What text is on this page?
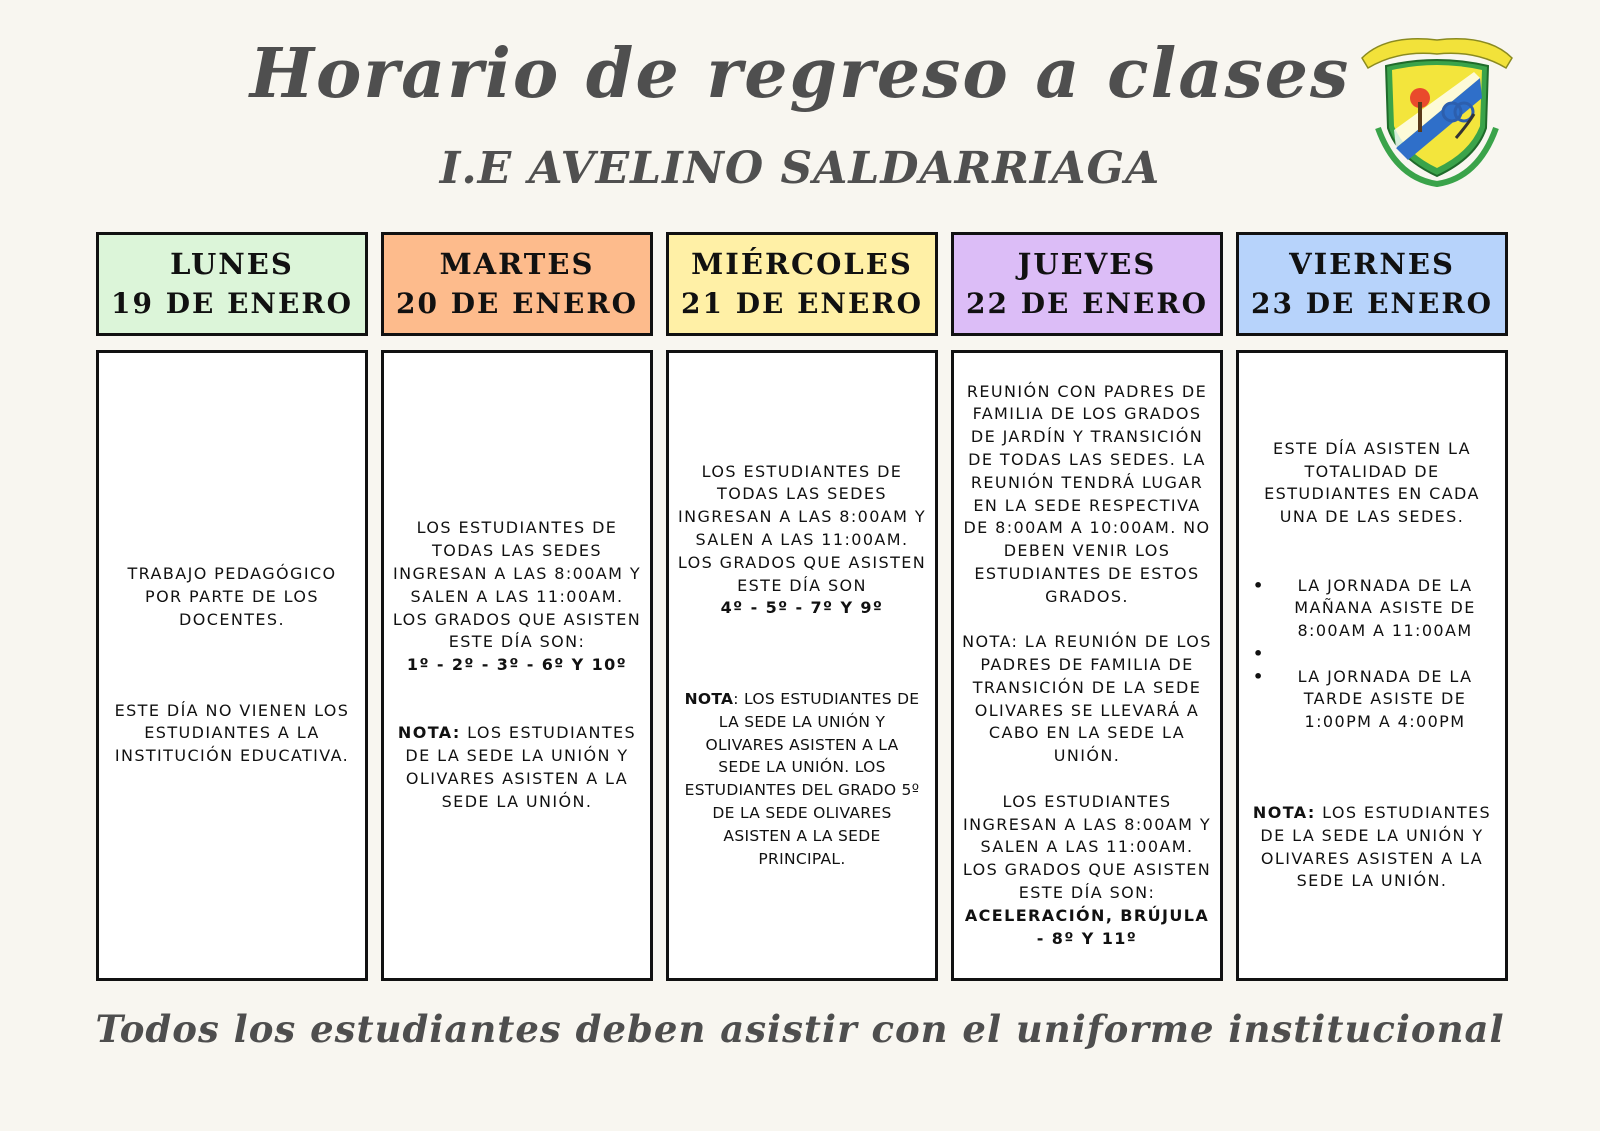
Horario de regreso a clases
I.E AVELINO SALDARRIAGA
LUNES
19 DE ENERO

TRABAJO PEDAGÓGICO POR PARTE DE LOS DOCENTES.

ESTE DÍA NO VIENEN LOS ESTUDIANTES A LA INSTITUCIÓN EDUCATIVA.

MARTES
20 DE ENERO

LOS ESTUDIANTES DE TODAS LAS SEDES INGRESAN A LAS 8:00AM Y SALEN A LAS 11:00AM. LOS GRADOS QUE ASISTEN ESTE DÍA SON:

1º - 2º - 3º - 6º Y 10º

NOTA: LOS ESTUDIANTES DE LA SEDE LA UNIÓN Y OLIVARES ASISTEN A LA SEDE LA UNIÓN.

MIÉRCOLES
21 DE ENERO

LOS ESTUDIANTES DE TODAS LAS SEDES INGRESAN A LAS 8:00AM Y SALEN A LAS 11:00AM. LOS GRADOS QUE ASISTEN ESTE DÍA SON

4º - 5º - 7º Y 9º

NOTA: LOS ESTUDIANTES DE LA SEDE LA UNIÓN Y OLIVARES ASISTEN A LA SEDE LA UNIÓN. LOS ESTUDIANTES DEL GRADO 5º DE LA SEDE OLIVARES ASISTEN A LA SEDE PRINCIPAL.

JUEVES
22 DE ENERO

REUNIÓN CON PADRES DE FAMILIA DE LOS GRADOS DE JARDÍN Y TRANSICIÓN DE TODAS LAS SEDES. LA REUNIÓN TENDRÁ LUGAR EN LA SEDE RESPECTIVA DE 8:00AM A 10:00AM. NO DEBEN VENIR LOS ESTUDIANTES DE ESTOS GRADOS.

NOTA: LA REUNIÓN DE LOS PADRES DE FAMILIA DE TRANSICIÓN DE LA SEDE OLIVARES SE LLEVARÁ A CABO EN LA SEDE LA UNIÓN.

LOS ESTUDIANTES INGRESAN A LAS 8:00AM Y SALEN A LAS 11:00AM. LOS GRADOS QUE ASISTEN ESTE DÍA SON:

ACELERACIÓN, BRÚJULA - 8º Y 11º

VIERNES
23 DE ENERO

ESTE DÍA ASISTEN LA TOTALIDAD DE ESTUDIANTES EN CADA UNA DE LAS SEDES.

• LA JORNADA DE LA MAÑANA ASISTE DE 8:00AM A 11:00AM
•
• LA JORNADA DE LA TARDE ASISTE DE 1:00PM A 4:00PM

NOTA: LOS ESTUDIANTES DE LA SEDE LA UNIÓN Y OLIVARES ASISTEN A LA SEDE LA UNIÓN.

Todos los estudiantes deben asistir con el uniforme institucional
